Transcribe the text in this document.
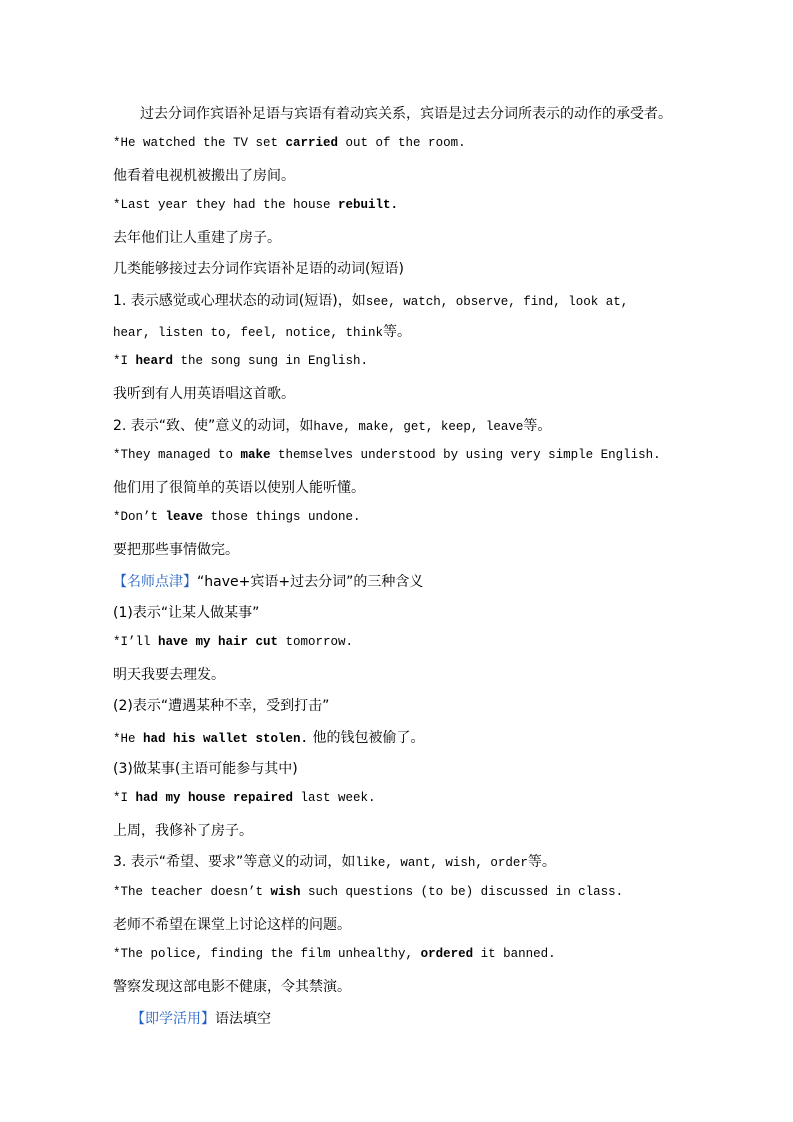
过去分词作宾语补足语与宾语有着动宾关系，宾语是过去分词所表示的动作的承受者。
*He watched the TV set carried out of the room.
他看着电视机被搬出了房间。
*Last year they had the house rebuilt.
去年他们让人重建了房子。
几类能够接过去分词作宾语补足语的动词(短语)
1. 表示感觉或心理状态的动词(短语)，如see, watch, observe, find, look at,
hear, listen to, feel, notice, think等。
*I heard the song sung in English.
我听到有人用英语唱这首歌。
2. 表示“致、使”意义的动词，如have, make, get, keep, leave等。
*They managed to make themselves understood by using very simple English.
他们用了很简单的英语以使别人能听懂。
*Don’t leave those things undone.
要把那些事情做完。
【名师点津】“have+宾语+过去分词”的三种含义
(1)表示“让某人做某事”
*I’ll have my hair cut tomorrow.
明天我要去理发。
(2)表示“遭遇某种不幸，受到打击”
*He had his wallet stolen. 他的钱包被偷了。
(3)做某事(主语可能参与其中)
*I had my house repaired last week.
上周，我修补了房子。
3. 表示“希望、要求”等意义的动词，如like, want, wish, order等。
*The teacher doesn’t wish such questions (to be) discussed in class.
老师不希望在课堂上讨论这样的问题。
*The police, finding the film unhealthy, ordered it banned.
警察发现这部电影不健康，令其禁演。
【即学活用】语法填空
